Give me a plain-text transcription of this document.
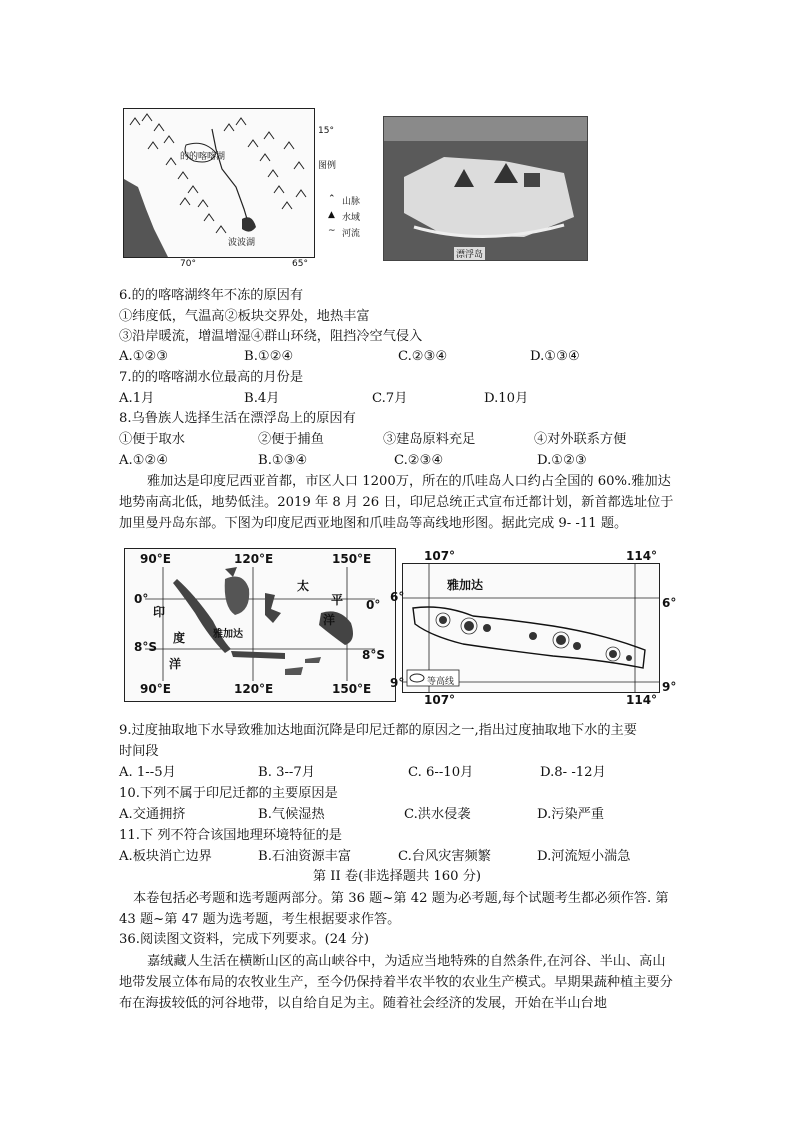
的的喀喀湖
波波湖
15°
70°	65°
图例
⌃ 山脉
▲ 水域
~ 河流
漂浮岛
6.的的喀喀湖终年不冻的原因有
①纬度低，气温高②板块交界处，地热丰富
③沿岸暖流，增温增湿④群山环绕，阻挡冷空气侵入
A.①②③	B.①②④	C.②③④	D.①③④
7.的的喀喀湖水位最高的月份是
A.1月	B.4月	C.7月	D.10月
8.乌鲁族人选择生活在漂浮岛上的原因有
①便于取水	②便于捕鱼	③建岛原料充足	④对外联系方便
A.①②④	B.①③④	C.②③④	D.①②③
雅加达是印度尼西亚首都，市区人口 1200万，所在的爪哇岛人口约占全国的 60%.雅加达地势南高北低，地势低洼。2019 年 8 月 26 日，印尼总统正式宣布迁都计划，新首都选址位于加里曼丹岛东部。下图为印度尼西亚地图和爪哇岛等高线地形图。据此完成 9- -11 题。
雅加达
印
度
洋
太
平
洋
90°E	120°E	150°E
0°	0°
8°S
8°S
90°E	120°E	150°E
雅加达
等高线
107°	114°
6°	6°
9°	9°
107°	114°
9.过度抽取地下水导致雅加达地面沉降是印尼迁都的原因之一,指出过度抽取地下水的主要
时间段
A. 1--5月	B. 3--7月	C. 6--10月	D.8- -12月
10.下列不属于印尼迁都的主要原因是
A.交通拥挤	B.气候湿热	C.洪水侵袭	D.污染严重
11.下 列不符合该国地理环境特征的是
A.板块消亡边界	B.石油资源丰富	C.台风灾害频繁	D.河流短小湍急
第 II 卷(非选择题共 160 分)
本卷包括必考题和选考题两部分。第 36 题~第 42 题为必考题,每个试题考生都必须作答. 第 43 题~第 47 题为选考题，考生根据要求作答。
36.阅读图文资料，完成下列要求。(24 分)
嘉绒藏人生活在横断山区的高山峡谷中，为适应当地特殊的自然条件,在河谷、半山、高山地带发展立体布局的农牧业生产，至今仍保持着半农半牧的农业生产模式。早期果蔬种植主要分布在海拔较低的河谷地带，以自给自足为主。随着社会经济的发展，开始在半山台地
